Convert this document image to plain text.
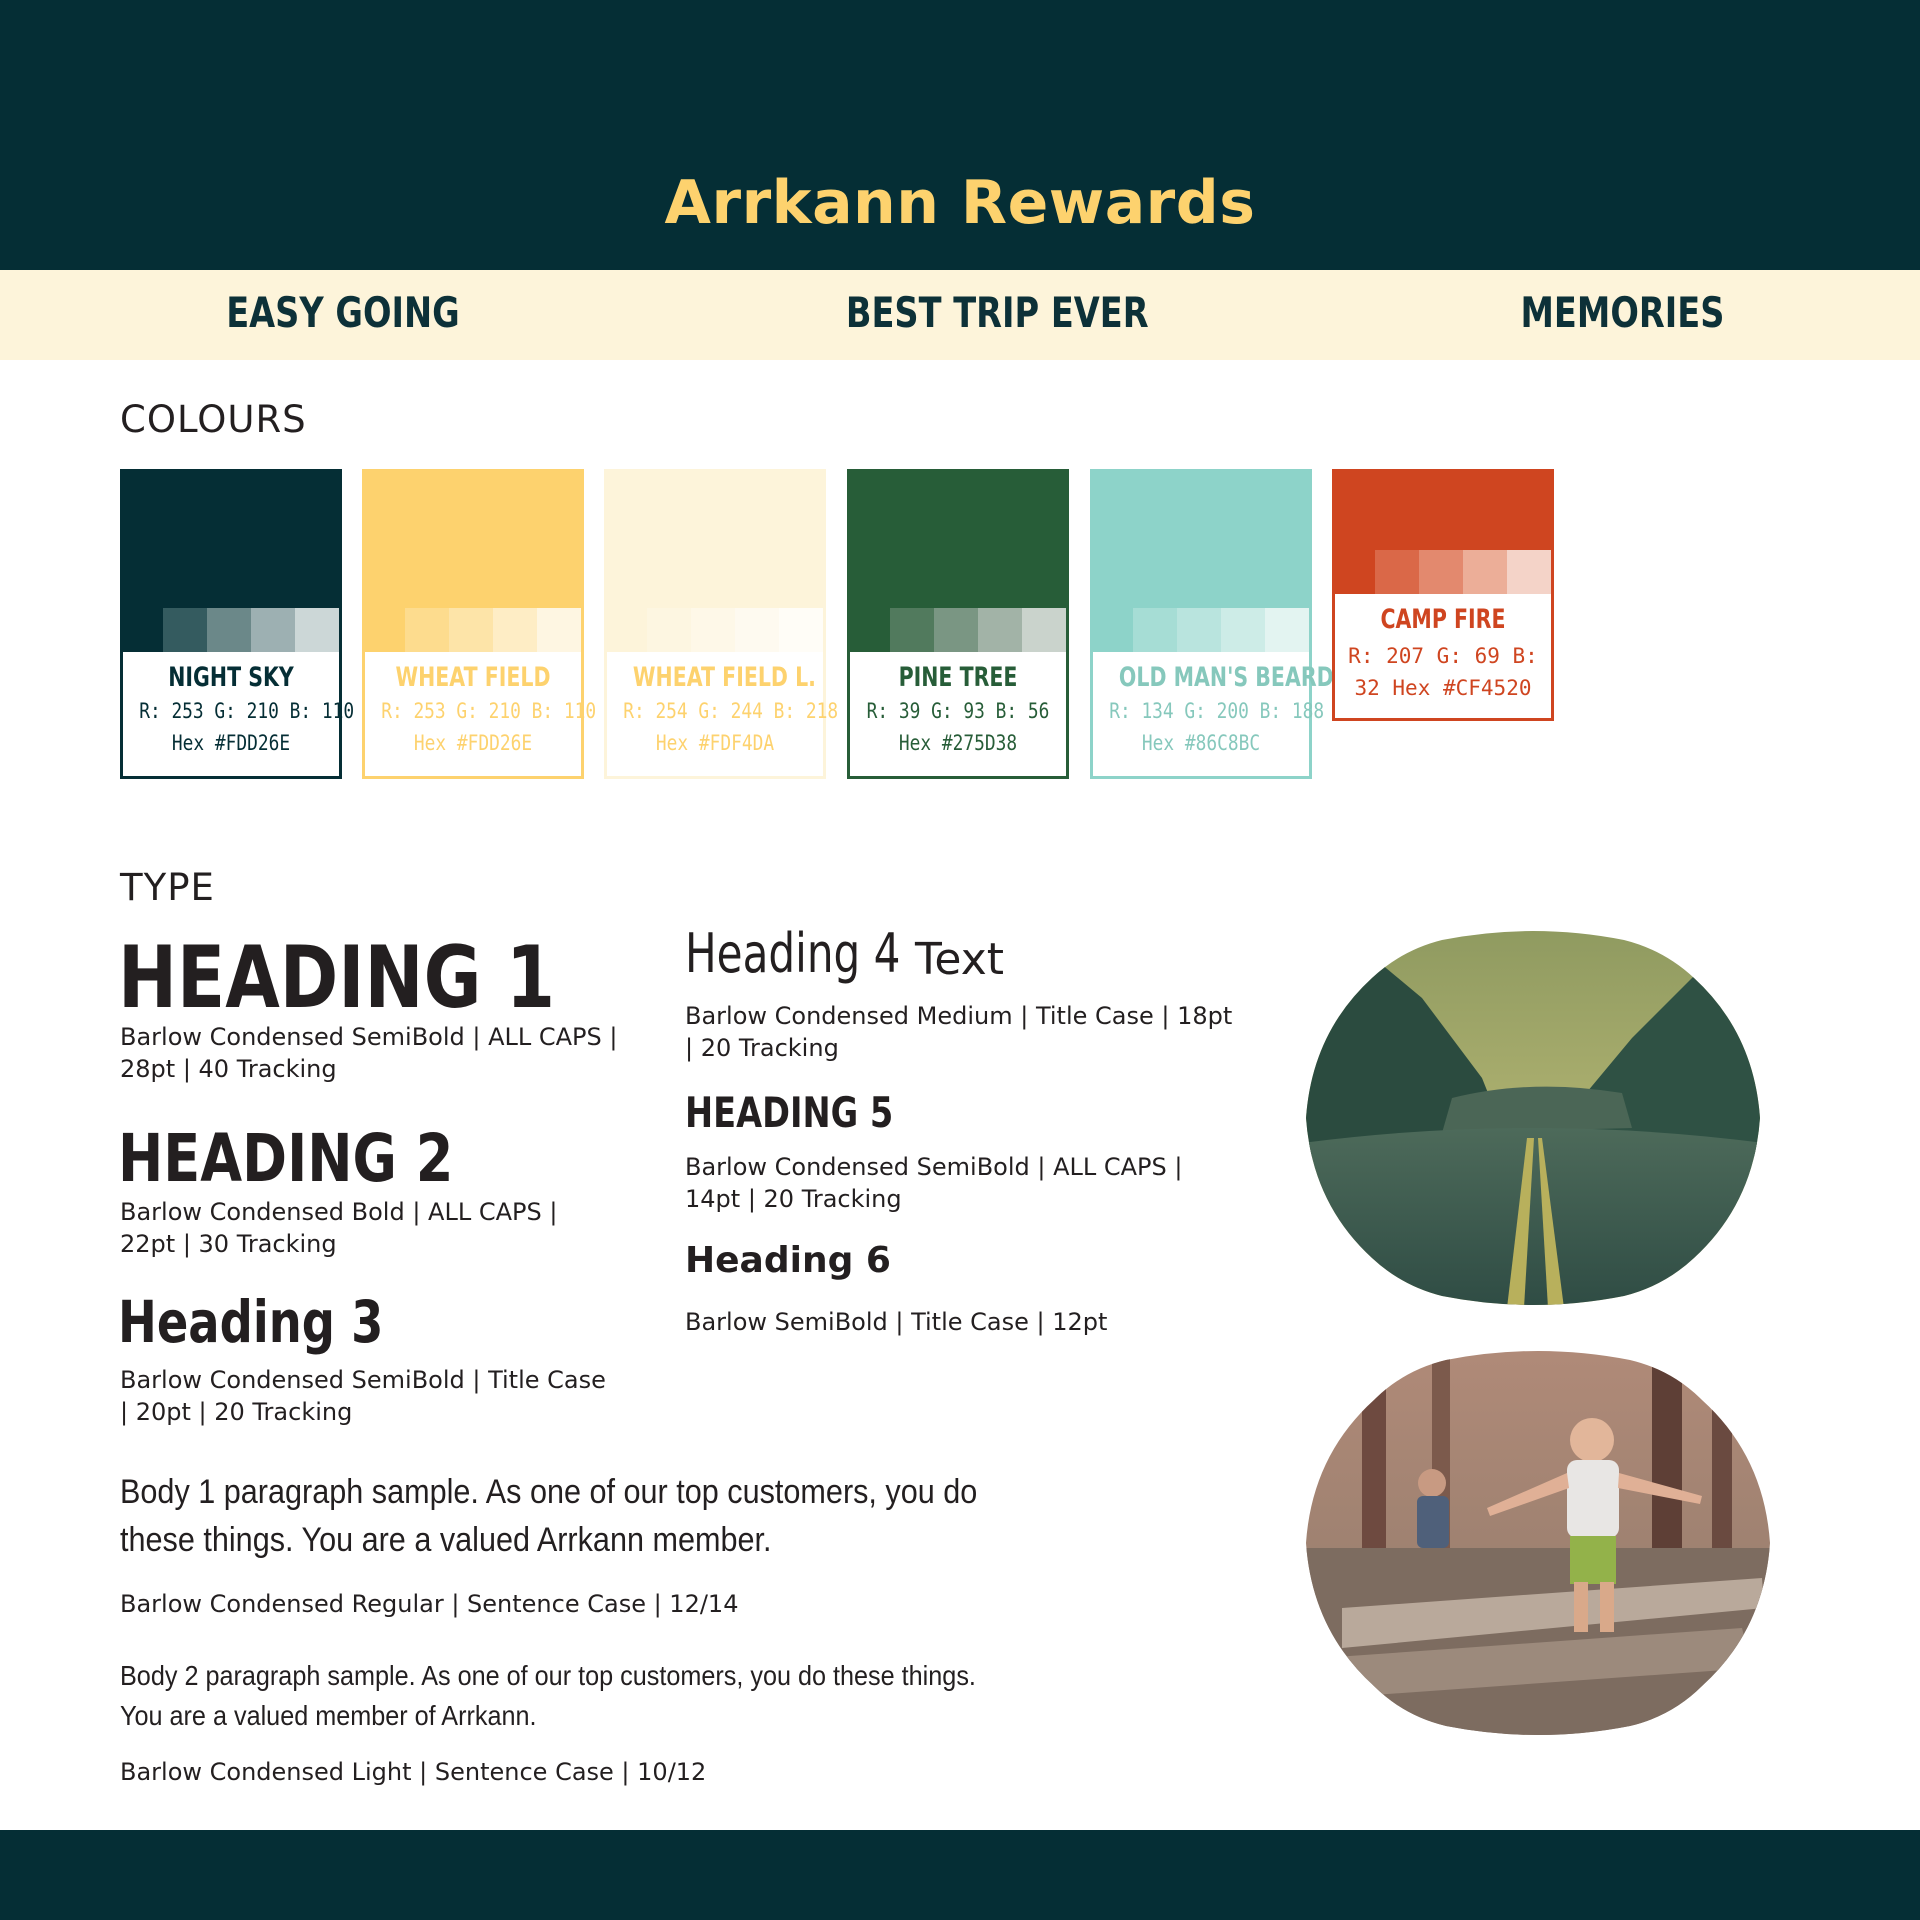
Arrkann Rewards
EASY GOING	BEST TRIP EVER	MEMORIES
COLOURS
NIGHT SKY
R: 253 G: 210 B: 110
Hex #FDD26E
WHEAT FIELD
R: 253 G: 210 B: 110
Hex #FDD26E
WHEAT FIELD L.
R: 254 G: 244 B: 218
Hex #FDF4DA
PINE TREE
R: 39 G: 93 B: 56
Hex #275D38
OLD MAN'S BEARD
R: 134 G: 200 B: 188
Hex #86C8BC
CAMP FIRE
R: 207 G: 69 B: 32 Hex #CF4520
TYPE
HEADING 1
Barlow Condensed SemiBold | ALL CAPS | 28pt | 40 Tracking
HEADING 2
Barlow Condensed Bold | ALL CAPS | 22pt | 30 Tracking
Heading 3
Barlow Condensed SemiBold | Title Case | 20pt | 20 Tracking
Heading 4 Text
Barlow Condensed Medium | Title Case | 18pt | 20 Tracking
HEADING 5
Barlow Condensed SemiBold | ALL CAPS | 14pt | 20 Tracking
Heading 6
Barlow SemiBold | Title Case | 12pt
Body 1 paragraph sample. As one of our top customers, you do these things. You are a valued Arrkann member.
Barlow Condensed Regular | Sentence Case | 12/14
Body 2 paragraph sample. As one of our top customers, you do these things. You are a valued member of Arrkann.
Barlow Condensed Light | Sentence Case | 10/12
